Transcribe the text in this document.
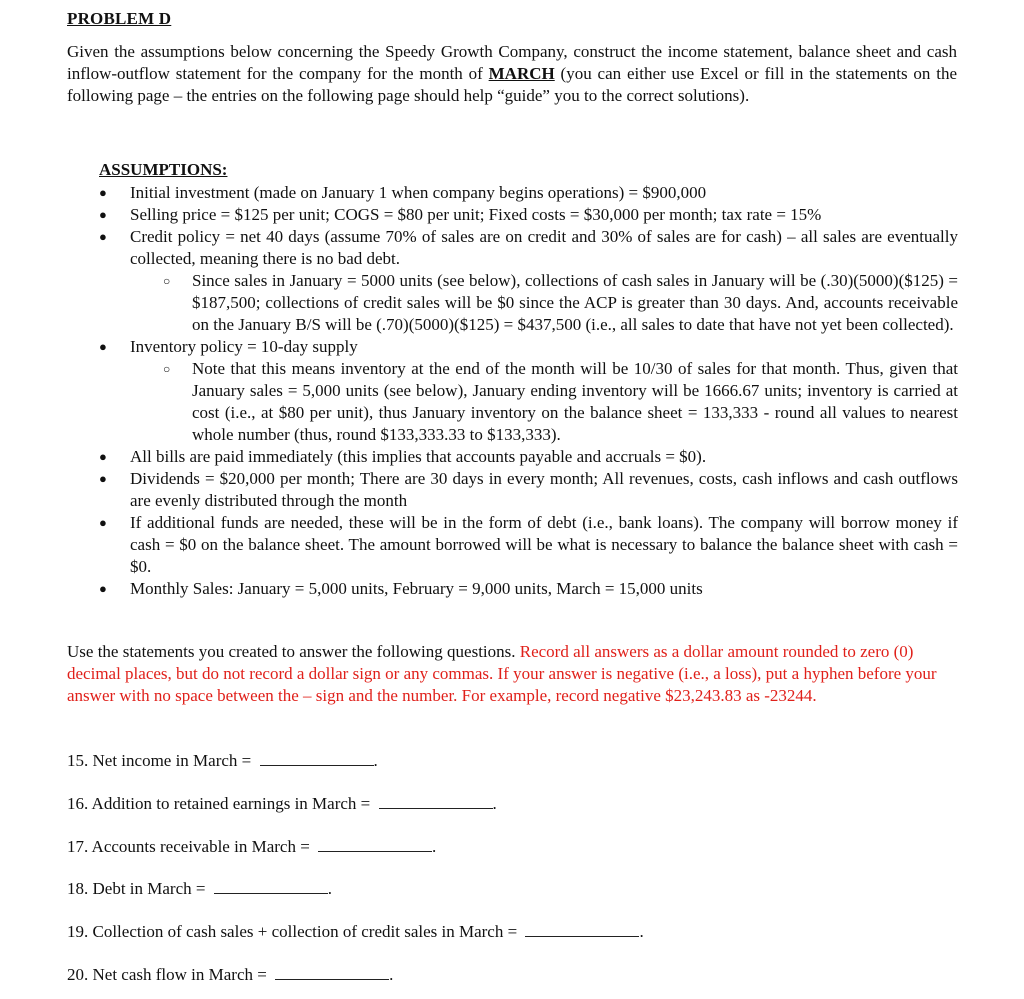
PROBLEM D
Given the assumptions below concerning the Speedy Growth Company, construct the income statement, balance sheet and cash inflow-outflow statement for the company for the month of MARCH (you can either use Excel or fill in the statements on the following page – the entries on the following page should help “guide” you to the correct solutions).
ASSUMPTIONS:
● Initial investment (made on January 1 when company begins operations) = $900,000
● Selling price = $125 per unit; COGS = $80 per unit; Fixed costs = $30,000 per month; tax rate = 15%
● Credit policy = net 40 days (assume 70% of sales are on credit and 30% of sales are for cash) – all sales are eventually collected, meaning there is no bad debt.
○ Since sales in January = 5000 units (see below), collections of cash sales in January will be (.30)(5000)($125) = $187,500; collections of credit sales will be $0 since the ACP is greater than 30 days. And, accounts receivable on the January B/S will be (.70)(5000)($125) = $437,500 (i.e., all sales to date that have not yet been collected).
● Inventory policy = 10-day supply
○ Note that this means inventory at the end of the month will be 10/30 of sales for that month. Thus, given that January sales = 5,000 units (see below), January ending inventory will be 1666.67 units; inventory is carried at cost (i.e., at $80 per unit), thus January inventory on the balance sheet = 133,333 - round all values to nearest whole number (thus, round $133,333.33 to $133,333).
● All bills are paid immediately (this implies that accounts payable and accruals = $0).
● Dividends = $20,000 per month; There are 30 days in every month; All revenues, costs, cash inflows and cash outflows are evenly distributed through the month
● If additional funds are needed, these will be in the form of debt (i.e., bank loans). The company will borrow money if cash = $0 on the balance sheet. The amount borrowed will be what is necessary to balance the balance sheet with cash = $0.
● Monthly Sales: January = 5,000 units, February = 9,000 units, March = 15,000 units
Use the statements you created to answer the following questions. Record all answers as a dollar amount rounded to zero (0) decimal places, but do not record a dollar sign or any commas. If your answer is negative (i.e., a loss), put a hyphen before your answer with no space between the – sign and the number. For example, record negative $23,243.83 as -23244.
15. Net income in March =	.
16. Addition to retained earnings in March =	.
17. Accounts receivable in March =	.
18. Debt in March =	.
19. Collection of cash sales + collection of credit sales in March =	.
20. Net cash flow in March =	.
